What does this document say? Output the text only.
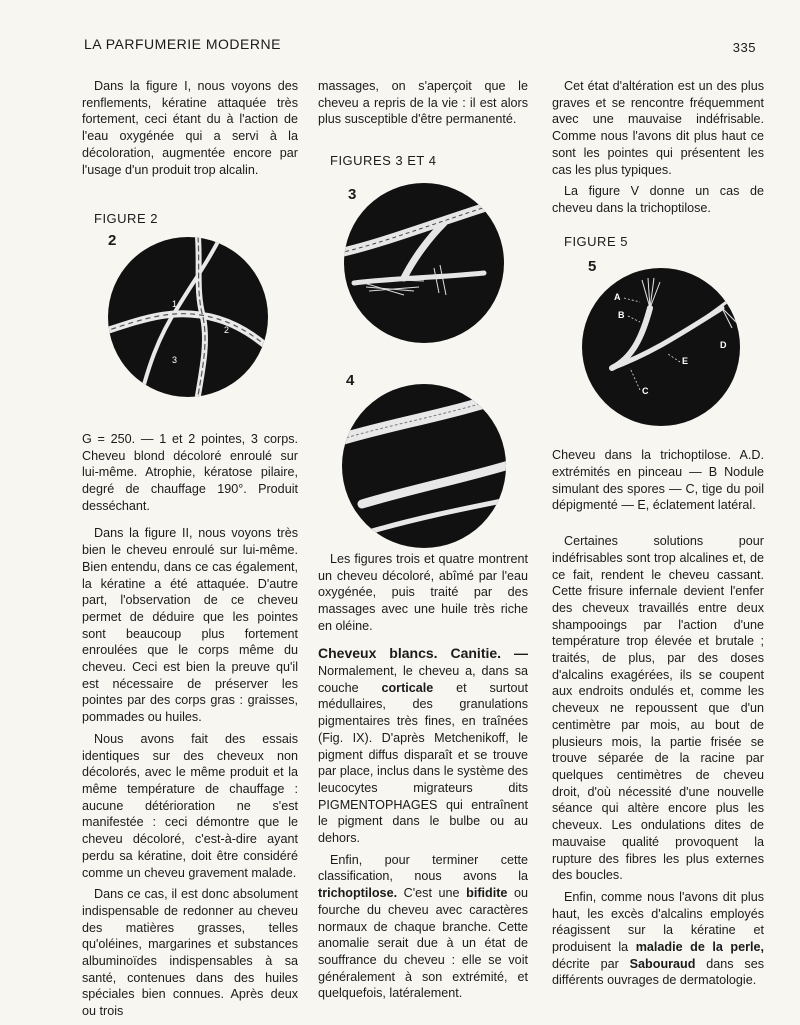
LA PARFUMERIE MODERNE	335

Dans la figure I, nous voyons des renflements, kératine attaquée très fortement, ceci étant du à l'action de l'eau oxygénée qui a servi à la décoloration, augmentée encore par l'usage d'un produit trop alcalin.

FIGURE 2

G = 250. — 1 et 2 pointes, 3 corps. Cheveu blond décoloré enroulé sur lui-même. Atrophie, kératose pilaire, degré de chauffage 190°. Produit desséchant.

Dans la figure II, nous voyons très bien le cheveu enroulé sur lui-même. Bien entendu, dans ce cas également, la kératine a été attaquée. D'autre part, l'observation de ce cheveu permet de déduire que les pointes sont beaucoup plus fortement enroulées que le corps même du cheveu. Ceci est bien la preuve qu'il est nécessaire de préserver les pointes par des corps gras : graisses, pommades ou huiles.

Nous avons fait des essais identiques sur des cheveux non décolorés, avec le même produit et la même température de chauffage : aucune détérioration ne s'est manifestée : ceci démontre que le cheveu décoloré, c'est-à-dire ayant perdu sa kératine, doit être considéré comme un cheveu gravement malade.

Dans ce cas, il est donc absolument indispensable de redonner au cheveu des matières grasses, telles qu'oléines, margarines et substances albuminoïdes indispensables à sa santé, contenues dans des huiles spéciales bien connues. Après deux ou trois

2
1
2
3

massages, on s'aperçoit que le cheveu a repris de la vie : il est alors plus susceptible d'être permanenté.

FIGURES 3 ET 4

Les figures trois et quatre montrent un cheveu décoloré, abîmé par l'eau oxygénée, puis traité par des massages avec une huile très riche en oléine.

Cheveux blancs. Canitie. — Normalement, le cheveu a, dans sa couche corticale et surtout médullaires, des granulations pigmentaires très fines, en traînées (Fig. IX). D'après Metchenikoff, le pigment diffus disparaît et se trouve par place, inclus dans le système des leucocytes migrateurs dits PIGMENTOPHAGES qui entraînent le pigment dans le bulbe ou au dehors.

Enfin, pour terminer cette classification, nous avons la trichoptilose. C'est une bifidite ou fourche du cheveu avec caractères normaux de chaque branche. Cette anomalie serait due à un état de souffrance du cheveu : elle se voit généralement à son extrémité, et quelquefois, latéralement.

3
4

Cet état d'altération est un des plus graves et se rencontre fréquemment avec une mauvaise indéfrisable. Comme nous l'avons dit plus haut ce sont les pointes qui présentent les cas les plus typiques.

La figure V donne un cas de cheveu dans la trichoptilose.

FIGURE 5

Cheveu dans la trichoptilose. A.D. extrémités en pinceau — B Nodule simulant des spores — C, tige du poil dépigmenté — E, éclatement latéral.

Certaines solutions pour indéfrisables sont trop alcalines et, de ce fait, rendent le cheveu cassant. Cette frisure infernale devient l'enfer des cheveux travaillés entre deux shampooings par l'action d'une température trop élevée et brutale ; traités, de plus, par des doses d'alcalins exagérées, ils se coupent aux endroits ondulés et, comme les cheveux ne repoussent que d'un centimètre par mois, au bout de plusieurs mois, la partie frisée se trouve séparée de la racine par quelques centimètres de cheveu droit, d'où nécessité d'une nouvelle séance qui altère encore plus les cheveux. Les ondulations dites de mauvaise qualité provoquent la rupture des fibres les plus externes des boucles.

Enfin, comme nous l'avons dit plus haut, les excès d'alcalins employés réagissent sur la kératine et produisent la maladie de la perle, décrite par Sabouraud dans ses différents ouvrages de dermatologie.

5
A
B
C
D
E
